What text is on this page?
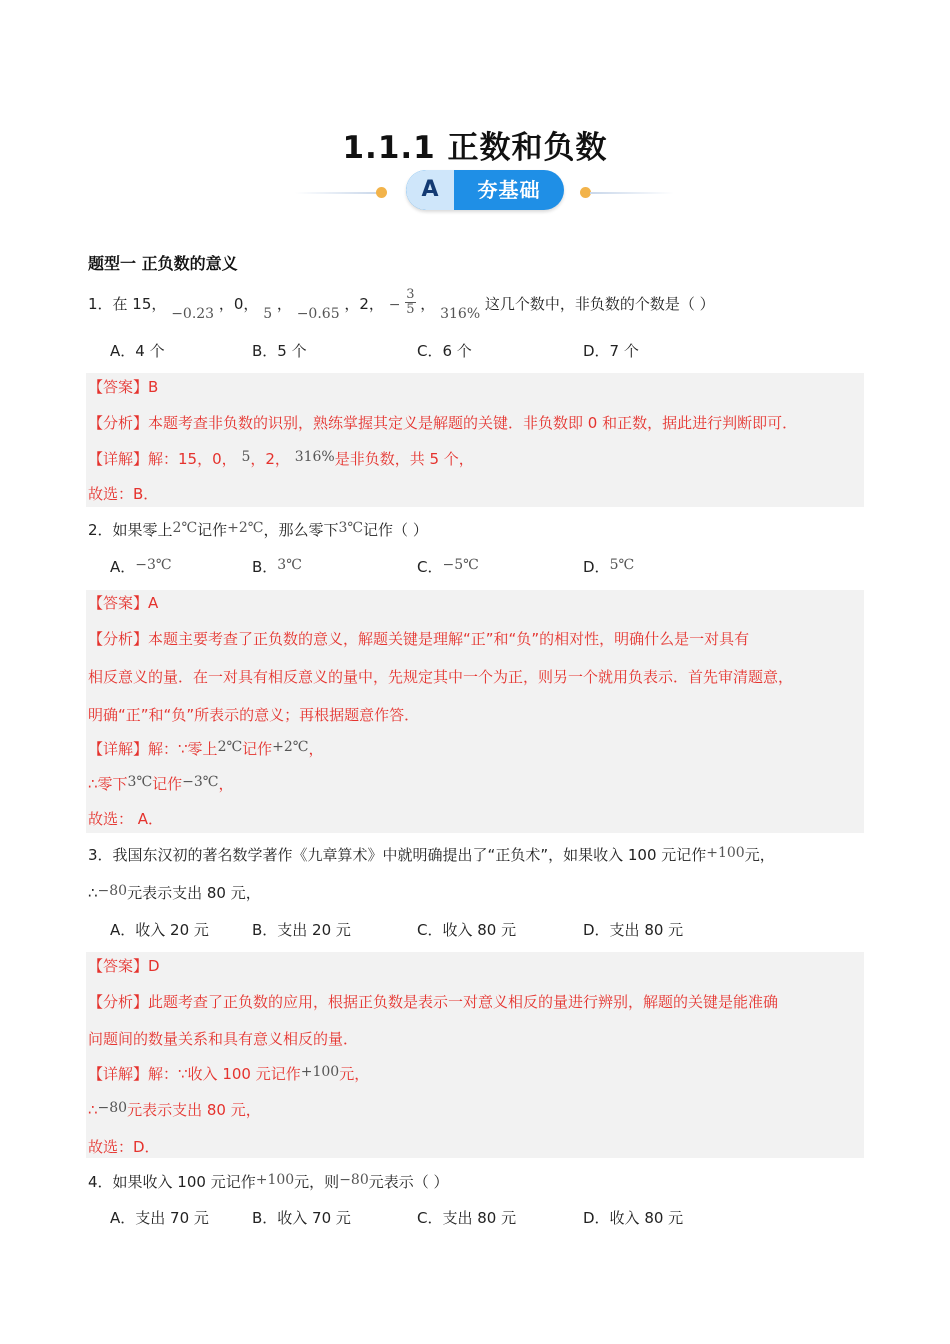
1.1.1 正数和负数
A	夯基础
题型一 正负数的意义
1．在 15， −0.23 ，0， 5 ， −0.65 ，2， − $\frac{3}{5}$ ， 316% 这几个数中，非负数的个数是（ ）
A．4 个	B．5 个	C．6 个	D．7 个
【答案】B
【分析】本题考查非负数的识别，熟练掌握其定义是解题的关键．非负数即 0 和正数，据此进行判断即可．
【详解】解：15，0， 5，2， 316%是非负数，共 5 个，
故选：B．
2．如果零上2℃记作+2℃，那么零下3℃记作（ ）
A．−3℃	B．3℃	C．−5℃	D．5℃
【答案】A
【分析】本题主要考查了正负数的意义，解题关键是理解“正”和“负”的相对性，明确什么是一对具有
相反意义的量．在一对具有相反意义的量中，先规定其中一个为正，则另一个就用负表示．首先审清题意，
明确“正”和“负”所表示的意义；再根据题意作答．
【详解】解：∵零上2℃记作+2℃，
∴零下3℃记作−3℃，
故选： A．
3．我国东汉初的著名数学著作《九章算术》中就明确提出了“正负术”，如果收入 100 元记作+100元，
∴−80元表示支出 80 元，
A．收入 20 元	B．支出 20 元	C．收入 80 元	D．支出 80 元
【答案】D
【分析】此题考查了正负数的应用，根据正负数是表示一对意义相反的量进行辨别，解题的关键是能准确
问题间的数量关系和具有意义相反的量．
【详解】解：∵收入 100 元记作+100元，
∴−80元表示支出 80 元，
故选：D．
4．如果收入 100 元记作+100元，则−80元表示（ ）
A．支出 70 元	B．收入 70 元	C．支出 80 元	D．收入 80 元
